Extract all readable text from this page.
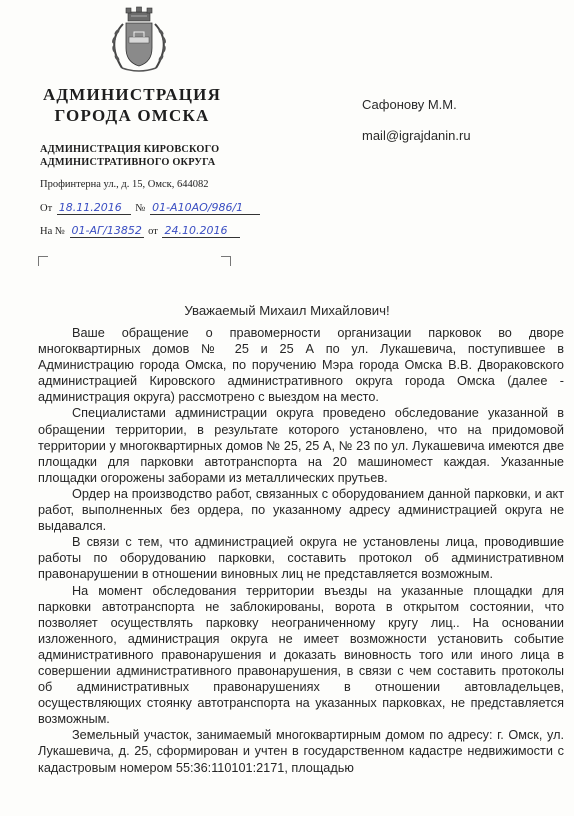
АДМИНИСТРАЦИЯ
ГОРОДА ОМСКА
АДМИНИСТРАЦИЯ КИРОВСКОГО
АДМИНИСТРАТИВНОГО ОКРУГА
Профинтерна ул., д. 15, Омск, 644082
От 18.11.2016 № 01-А10АО/986/1
На № 01-АГ/13852 от 24.10.2016
Сафонову М.М.
mail@igrajdanin.ru
Уважаемый Михаил Михайлович!

Ваше обращение о правомерности организации парковок во дворе многоквартирных домов № 25 и 25 А по ул. Лукашевича, поступившее в Администрацию города Омска, по поручению Мэра города Омска В.В. Двораковского администрацией Кировского административного округа города Омска (далее - администрация округа) рассмотрено с выездом на место.

Специалистами администрации округа проведено обследование указанной в обращении территории, в результате которого установлено, что на придомовой территории у многоквартирных домов № 25, 25 А, № 23 по ул. Лукашевича имеются две площадки для парковки автотранспорта на 20 машиномест каждая. Указанные площадки огорожены заборами из металлических прутьев.

Ордер на производство работ, связанных с оборудованием данной парковки, и акт работ, выполненных без ордера, по указанному адресу администрацией округа не выдавался.

В связи с тем, что администрацией округа не установлены лица, проводившие работы по оборудованию парковки, составить протокол об административном правонарушении в отношении виновных лиц не представляется возможным.

На момент обследования территории въезды на указанные площадки для парковки автотранспорта не заблокированы, ворота в открытом состоянии, что позволяет осуществлять парковку неограниченному кругу лиц.. На основании изложенного, администрация округа не имеет возможности установить событие административного правонарушения и доказать виновность того или иного лица в совершении административного правонарушения, в связи с чем составить протоколы об административных правонарушениях в отношении автовладельцев, осуществляющих стоянку автотранспорта на указанных парковках, не представляется возможным.

Земельный участок, занимаемый многоквартирным домом по адресу: г. Омск, ул. Лукашевича, д. 25, сформирован и учтен в государственном кадастре недвижимости с кадастровым номером 55:36:110101:2171, площадью
